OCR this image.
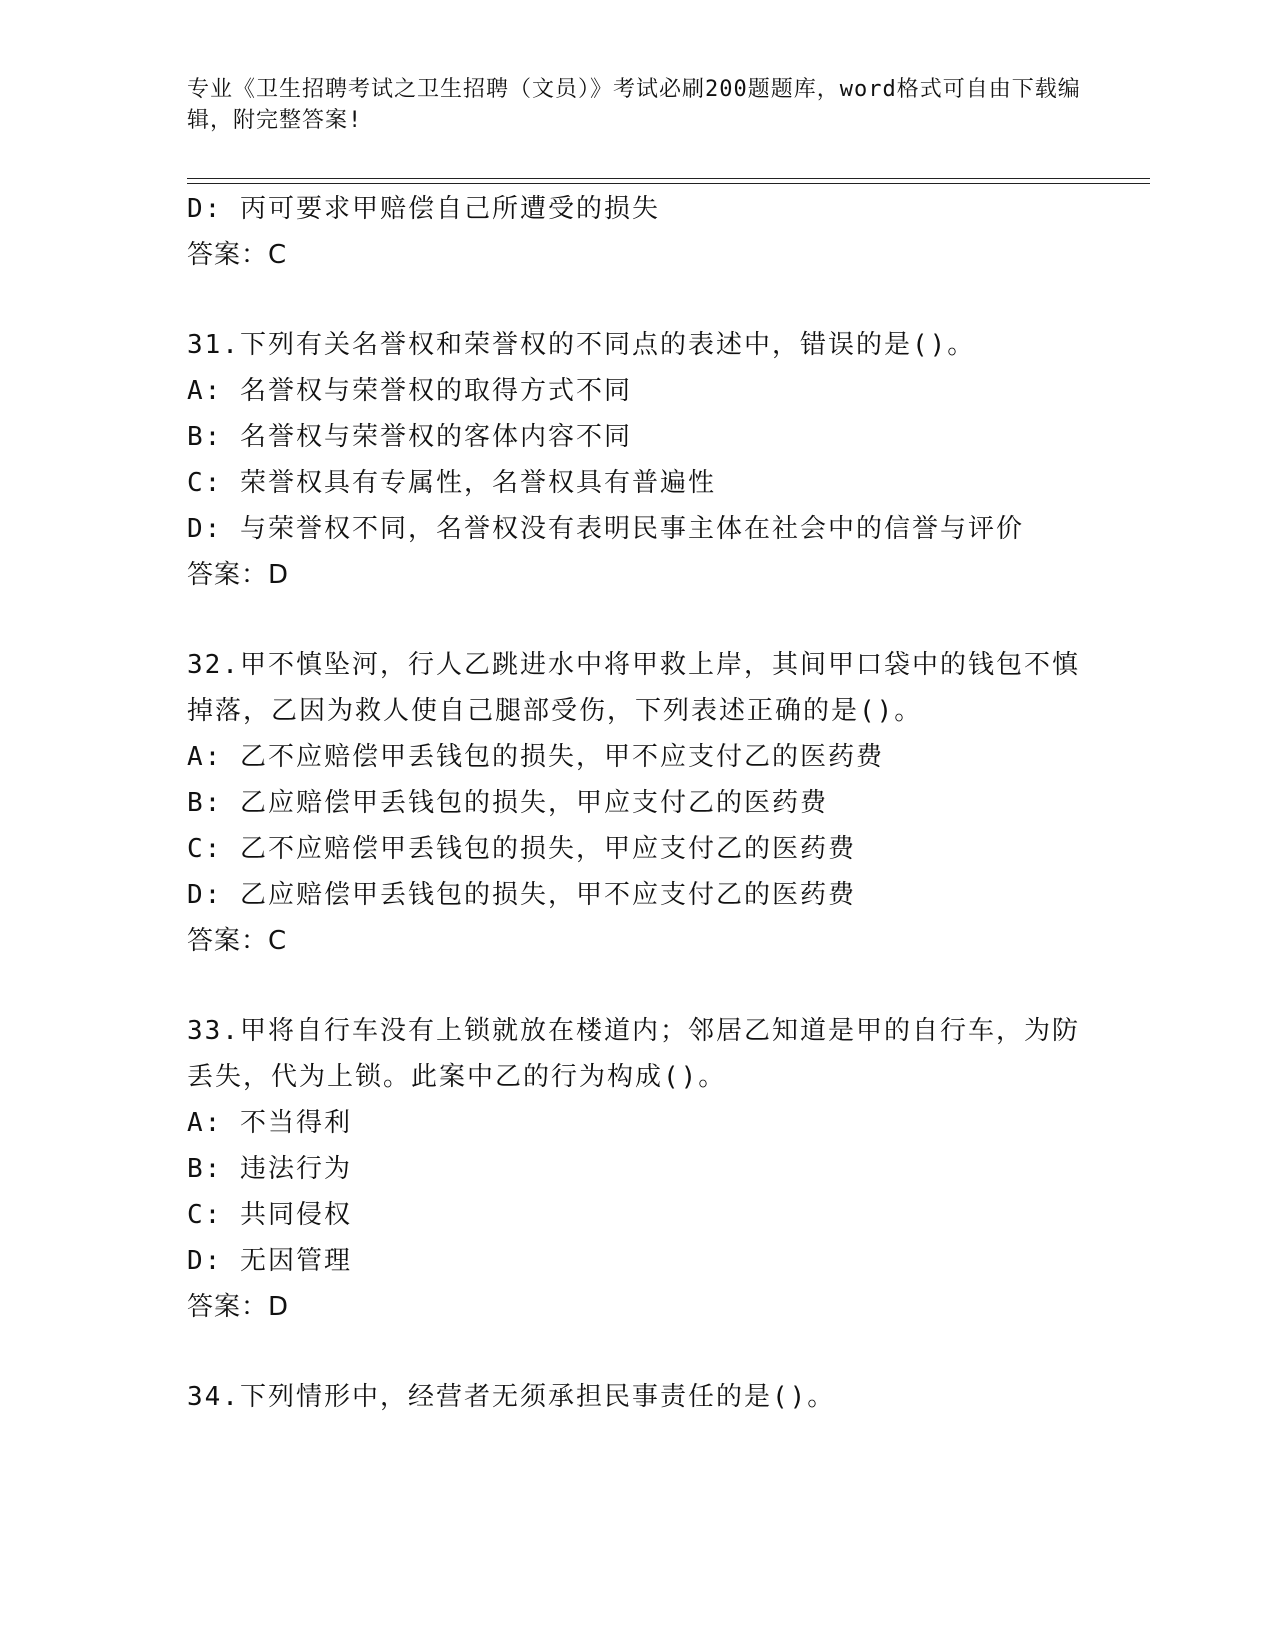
专业《卫生招聘考试之卫生招聘（文员）》考试必刷200题题库，word格式可自由下载编辑，附完整答案!
D: 丙可要求甲赔偿自己所遭受的损失
答案：C
31.下列有关名誉权和荣誉权的不同点的表述中，错误的是()。
A: 名誉权与荣誉权的取得方式不同
B: 名誉权与荣誉权的客体内容不同
C: 荣誉权具有专属性，名誉权具有普遍性
D: 与荣誉权不同，名誉权没有表明民事主体在社会中的信誉与评价
答案：D
32.甲不慎坠河，行人乙跳进水中将甲救上岸，其间甲口袋中的钱包不慎掉落，乙因为救人使自己腿部受伤，下列表述正确的是()。
A: 乙不应赔偿甲丢钱包的损失，甲不应支付乙的医药费
B: 乙应赔偿甲丢钱包的损失，甲应支付乙的医药费
C: 乙不应赔偿甲丢钱包的损失，甲应支付乙的医药费
D: 乙应赔偿甲丢钱包的损失，甲不应支付乙的医药费
答案：C
33.甲将自行车没有上锁就放在楼道内；邻居乙知道是甲的自行车，为防丢失，代为上锁。此案中乙的行为构成()。
A: 不当得利
B: 违法行为
C: 共同侵权
D: 无因管理
答案：D
34.下列情形中，经营者无须承担民事责任的是()。
